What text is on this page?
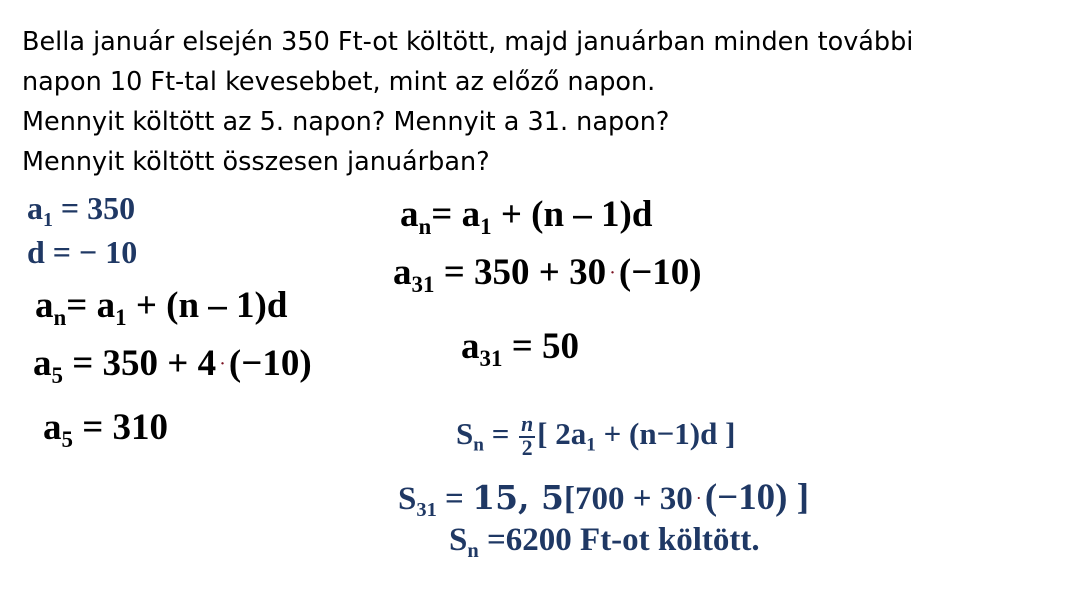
Bella január elsején 350 Ft-ot költött, majd januárban minden további
napon 10 Ft-tal kevesebbet, mint az előző napon.
Mennyit költött az 5. napon? Mennyit a 31. napon?
Mennyit költött összesen januárban?
$a_1 = 350$
d = − 10
$a_n= a_1 + (n - 1)d$
$a_5 = 350 + 4 \cdot(-10)$
$a_5 = 310$
$a_n= a_1 + (n - 1)d$
$a_{31} = 350 + 30 \cdot(-10)$
$a_{31} = 50$
$S_n = \frac{n}{2}$ [ $2a_1 + (n-1)d$ ]
$S_{31} = 15$, 5[700 + 30 ·(−10) ]
$S_n =6200$ Ft-ot költött.
